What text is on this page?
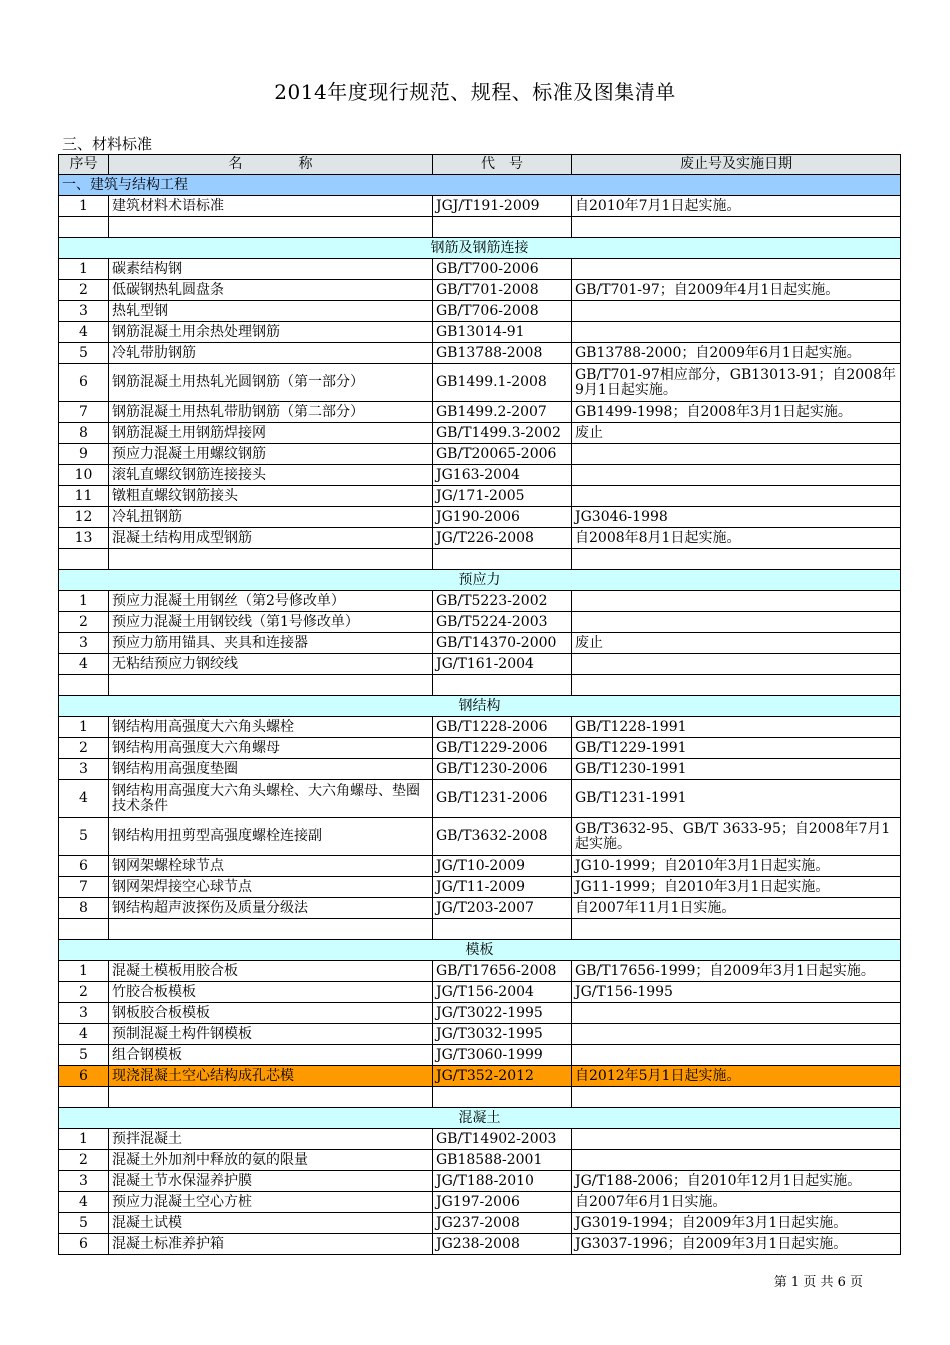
2014年度现行规范、规程、标准及图集清单
三、材料标准
序号	名　　　　称	代　号	废止号及实施日期
一、建筑与结构工程			
1	建筑材料术语标准	JGJ/T191-2009	自2010年7月1日起实施。

钢筋及钢筋连接			
1	碳素结构钢	GB/T700-2006	
2	低碳钢热轧圆盘条	GB/T701-2008	GB/T701-97；自2009年4月1日起实施。
3	热轧型钢	GB/T706-2008	
4	钢筋混凝土用余热处理钢筋	GB13014-91	
5	冷轧带肋钢筋	GB13788-2008	GB13788-2000；自2009年6月1日起实施。
6	钢筋混凝土用热轧光圆钢筋（第一部分）	GB1499.1-2008	GB/T701-97相应部分，GB13013-91；自2008年9月1日起实施。
7	钢筋混凝土用热轧带肋钢筋（第二部分）	GB1499.2-2007	GB1499-1998；自2008年3月1日起实施。
8	钢筋混凝土用钢筋焊接网	GB/T1499.3-2002	废止
9	预应力混凝土用螺纹钢筋	GB/T20065-2006	
10	滚轧直螺纹钢筋连接接头	JG163-2004	
11	镦粗直螺纹钢筋接头	JG/171-2005	
12	冷轧扭钢筋	JG190-2006	JG3046-1998
13	混凝土结构用成型钢筋	JG/T226-2008	自2008年8月1日起实施。

预应力			
1	预应力混凝土用钢丝（第2号修改单）	GB/T5223-2002	
2	预应力混凝土用钢铰线（第1号修改单）	GB/T5224-2003	
3	预应力筋用锚具、夹具和连接器	GB/T14370-2000	废止
4	无粘结预应力钢绞线	JG/T161-2004	

钢结构			
1	钢结构用高强度大六角头螺栓	GB/T1228-2006	GB/T1228-1991
2	钢结构用高强度大六角螺母	GB/T1229-2006	GB/T1229-1991
3	钢结构用高强度垫圈	GB/T1230-2006	GB/T1230-1991
4	钢结构用高强度大六角头螺栓、大六角螺母、垫圈技术条件	GB/T1231-2006	GB/T1231-1991
5	钢结构用扭剪型高强度螺栓连接副	GB/T3632-2008	GB/T3632-95、GB/T 3633-95；自2008年7月1起实施。
6	钢网架螺栓球节点	JG/T10-2009	JG10-1999；自2010年3月1日起实施。
7	钢网架焊接空心球节点	JG/T11-2009	JG11-1999；自2010年3月1日起实施。
8	钢结构超声波探伤及质量分级法	JG/T203-2007	自2007年11月1日实施。

模板			
1	混凝土模板用胶合板	GB/T17656-2008	GB/T17656-1999；自2009年3月1日起实施。
2	竹胶合板模板	JG/T156-2004	JG/T156-1995
3	钢板胶合板模板	JG/T3022-1995	
4	预制混凝土构件钢模板	JG/T3032-1995	
5	组合钢模板	JG/T3060-1999	
6	现浇混凝土空心结构成孔芯模	JG/T352-2012	自2012年5月1日起实施。

混凝土			
1	预拌混凝土	GB/T14902-2003	
2	混凝土外加剂中释放的氨的限量	GB18588-2001	
3	混凝土节水保湿养护膜	JG/T188-2010	JG/T188-2006；自2010年12月1日起实施。
4	预应力混凝土空心方桩	JG197-2006	自2007年6月1日实施。
5	混凝土试模	JG237-2008	JG3019-1994；自2009年3月1日起实施。
6	混凝土标准养护箱	JG238-2008	JG3037-1996；自2009年3月1日起实施。
第 1 页 共 6 页
